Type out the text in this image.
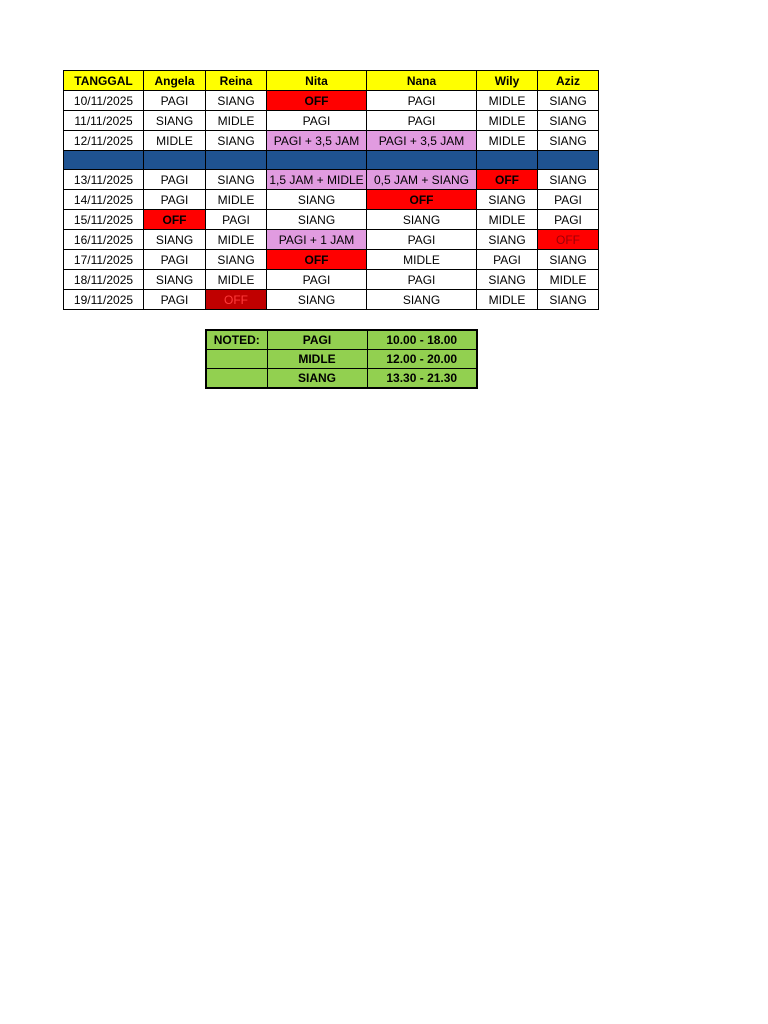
TANGGAL	Angela	Reina	Nita	Nana	Wily	Aziz
10/11/2025	PAGI	SIANG	OFF	PAGI	MIDLE	SIANG
11/11/2025	SIANG	MIDLE	PAGI	PAGI	MIDLE	SIANG
12/11/2025	MIDLE	SIANG	PAGI + 3,5 JAM	PAGI + 3,5 JAM	MIDLE	SIANG

13/11/2025	PAGI	SIANG	1,5 JAM + MIDLE	0,5 JAM + SIANG	OFF	SIANG
14/11/2025	PAGI	MIDLE	SIANG	OFF	SIANG	PAGI
15/11/2025	OFF	PAGI	SIANG	SIANG	MIDLE	PAGI
16/11/2025	SIANG	MIDLE	PAGI + 1 JAM	PAGI	SIANG	OFF
17/11/2025	PAGI	SIANG	OFF	MIDLE	PAGI	SIANG
18/11/2025	SIANG	MIDLE	PAGI	PAGI	SIANG	MIDLE
19/11/2025	PAGI	OFF	SIANG	SIANG	MIDLE	SIANG
NOTED:	PAGI	10.00 - 18.00
	MIDLE	12.00 - 20.00
	SIANG	13.30 - 21.30
